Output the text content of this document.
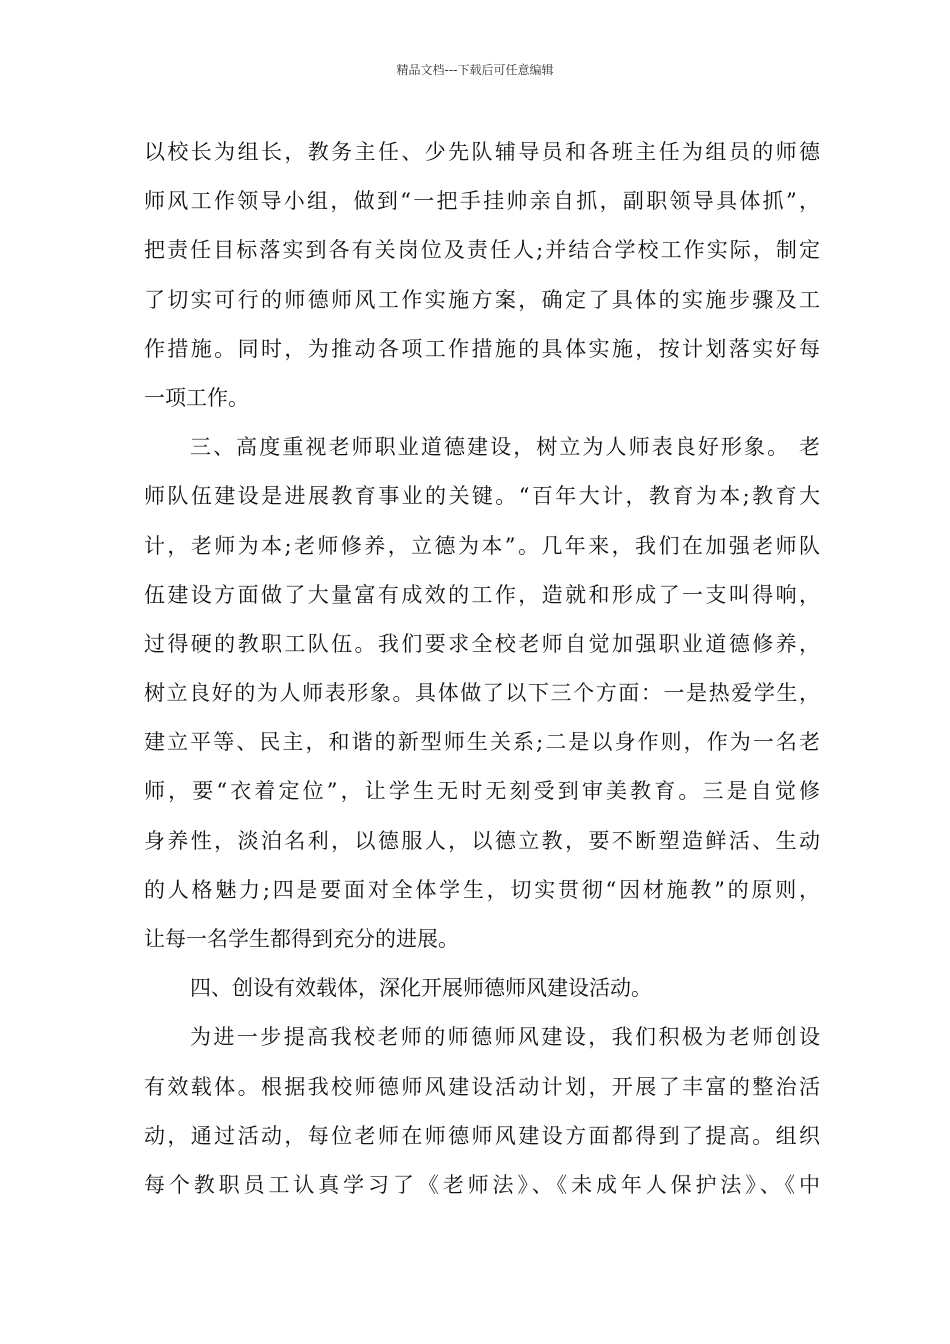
精品文档---下载后可任意编辑
以校长为组长，教务主任、少先队辅导员和各班主任为组员的师德
师风工作领导小组，做到“一把手挂帅亲自抓，副职领导具体抓”，
把责任目标落实到各有关岗位及责任人;并结合学校工作实际，制定
了切实可行的师德师风工作实施方案，确定了具体的实施步骤及工
作措施。同时，为推动各项工作措施的具体实施，按计划落实好每
一项工作。
三、高度重视老师职业道德建设，树立为人师表良好形象。 老
师队伍建设是进展教育事业的关键。“百年大计，教育为本;教育大
计，老师为本;老师修养，立德为本”。几年来，我们在加强老师队
伍建设方面做了大量富有成效的工作，造就和形成了一支叫得响，
过得硬的教职工队伍。我们要求全校老师自觉加强职业道德修养，
树立良好的为人师表形象。具体做了以下三个方面：一是热爱学生，
建立平等、民主，和谐的新型师生关系;二是以身作则，作为一名老
师，要“衣着定位”，让学生无时无刻受到审美教育。三是自觉修
身养性，淡泊名利，以德服人，以德立教，要不断塑造鲜活、生动
的人格魅力;四是要面对全体学生，切实贯彻“因材施教”的原则，
让每一名学生都得到充分的进展。
四、创设有效载体，深化开展师德师风建设活动。
为进一步提高我校老师的师德师风建设，我们积极为老师创设
有效载体。根据我校师德师风建设活动计划，开展了丰富的整治活
动，通过活动，每位老师在师德师风建设方面都得到了提高。组织
每个教职员工认真学习了《老师法》、《未成年人保护法》、《中
